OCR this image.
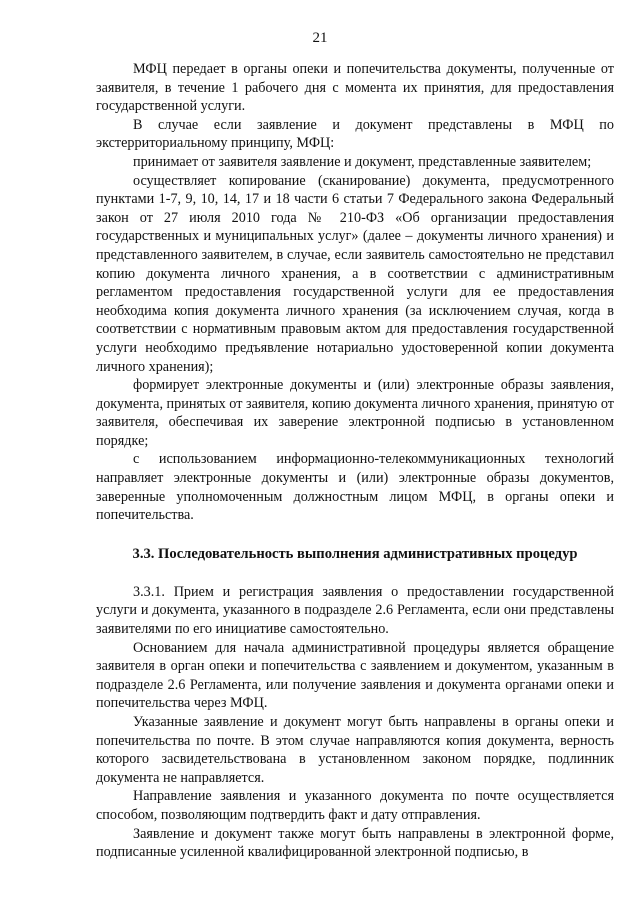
21

МФЦ передает в органы опеки и попечительства документы, полученные от заявителя, в течение 1 рабочего дня с момента их принятия, для предоставления государственной услуги.

В случае если заявление и документ представлены в МФЦ по экстерриториальному принципу, МФЦ:

принимает от заявителя заявление и документ, представленные заявителем;

осуществляет копирование (сканирование) документа, предусмотренного пунктами 1-7, 9, 10, 14, 17 и 18 части 6 статьи 7 Федерального закона Федеральный закон от 27 июля 2010 года № 210-ФЗ «Об организации предоставления государственных и муниципальных услуг» (далее – документы личного хранения) и представленного заявителем, в случае, если заявитель самостоятельно не представил копию документа личного хранения, а в соответствии с административным регламентом предоставления государственной услуги для ее предоставления необходима копия документа личного хранения (за исключением случая, когда в соответствии с нормативным правовым актом для предоставления государственной услуги необходимо предъявление нотариально удостоверенной копии документа личного хранения);

формирует электронные документы и (или) электронные образы заявления, документа, принятых от заявителя, копию документа личного хранения, принятую от заявителя, обеспечивая их заверение электронной подписью в установленном порядке;

с использованием информационно-телекоммуникационных технологий направляет электронные документы и (или) электронные образы документов, заверенные уполномоченным должностным лицом МФЦ, в органы опеки и попечительства.

3.3. Последовательность выполнения административных процедур

3.3.1. Прием и регистрация заявления о предоставлении государственной услуги и документа, указанного в подразделе 2.6 Регламента, если они представлены заявителями по его инициативе самостоятельно.

Основанием для начала административной процедуры является обращение заявителя в орган опеки и попечительства с заявлением и документом, указанным в подразделе 2.6 Регламента, или получение заявления и документа органами опеки и попечительства через МФЦ.

Указанные заявление и документ могут быть направлены в органы опеки и попечительства по почте. В этом случае направляются копия документа, верность которого засвидетельствована в установленном законом порядке, подлинник документа не направляется.

Направление заявления и указанного документа по почте осуществляется способом, позволяющим подтвердить факт и дату отправления.

Заявление и документ также могут быть направлены в электронной форме, подписанные усиленной квалифицированной электронной подписью, в
